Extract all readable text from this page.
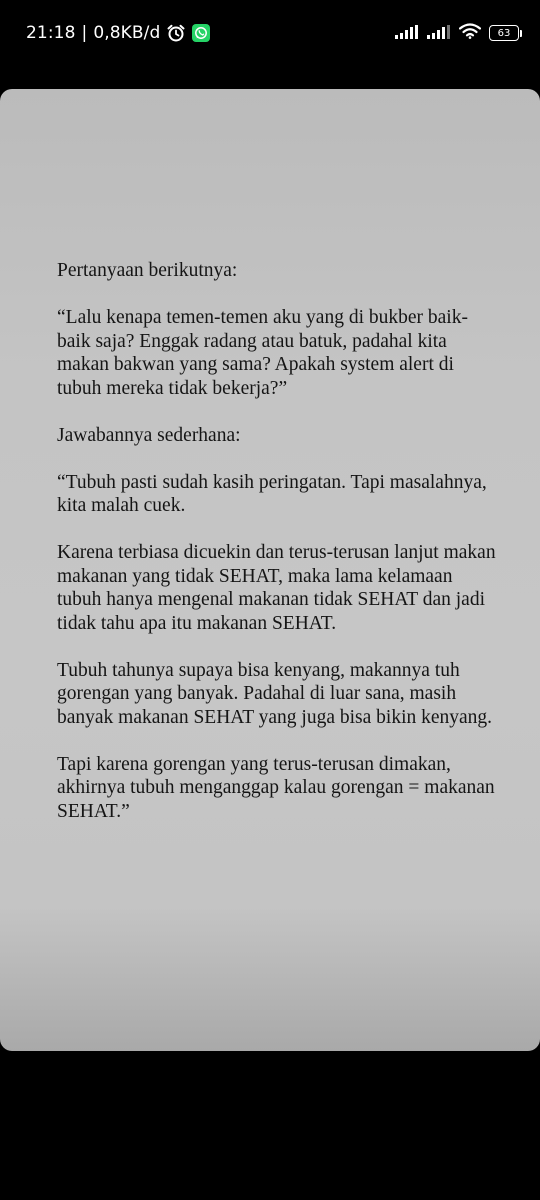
21:18 | 0,8KB/d	63

Pertanyaan berikutnya:

“Lalu kenapa temen-temen aku yang di bukber baik-baik saja? Enggak radang atau batuk, padahal kita makan bakwan yang sama? Apakah system alert di tubuh mereka tidak bekerja?”

Jawabannya sederhana:

“Tubuh pasti sudah kasih peringatan. Tapi masalahnya, kita malah cuek.

Karena terbiasa dicuekin dan terus-terusan lanjut makan makanan yang tidak SEHAT, maka lama kelamaan tubuh hanya mengenal makanan tidak SEHAT dan jadi tidak tahu apa itu makanan SEHAT.

Tubuh tahunya supaya bisa kenyang, makannya tuh gorengan yang banyak. Padahal di luar sana, masih banyak makanan SEHAT yang juga bisa bikin kenyang.

Tapi karena gorengan yang terus-terusan dimakan, akhirnya tubuh menganggap kalau gorengan = makanan SEHAT.”
